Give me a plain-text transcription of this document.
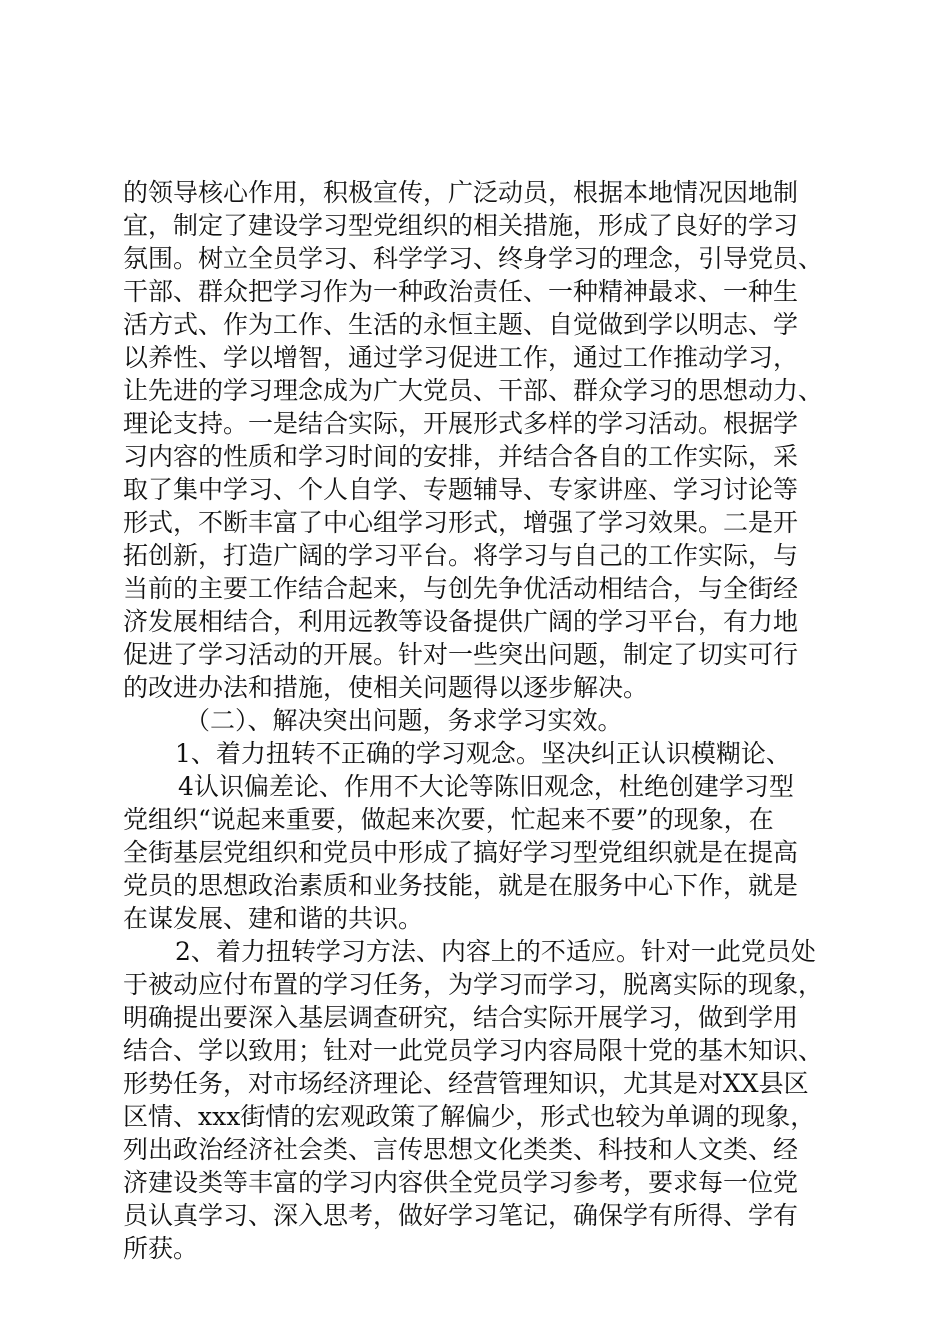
的领导核心作用，积极宣传，广泛动员，根据本地情况因地制
宜，制定了建设学习型党组织的相关措施，形成了良好的学习
氛围。树立全员学习、科学学习、终身学习的理念，引导党员、
干部、群众把学习作为一种政治责任、一种精神最求、一种生
活方式、作为工作、生活的永恒主题、自觉做到学以明志、学
以养性、学以增智，通过学习促进工作，通过工作推动学习，
让先进的学习理念成为广大党员、干部、群众学习的思想动力、
理论支持。一是结合实际，开展形式多样的学习活动。根据学
习内容的性质和学习时间的安排，并结合各自的工作实际，采
取了集中学习、个人自学、专题辅导、专家讲座、学习讨论等
形式，不断丰富了中心组学习形式，增强了学习效果。二是开
拓创新，打造广阔的学习平台。将学习与自己的工作实际，与
当前的主要工作结合起来，与创先争优活动相结合，与全街经
济发展相结合，利用远教等设备提供广阔的学习平台，有力地
促进了学习活动的开展。针对一些突出问题，制定了切实可行
的改进办法和措施，使相关问题得以逐步解决。
（二）、解决突出问题，务求学习实效。
1、着力扭转不正确的学习观念。坚决纠正认识模糊论、
4认识偏差论、作用不大论等陈旧观念，杜绝创建学习型
党组织“说起来重要，做起来次要，忙起来不要”的现象，在
全街基层党组织和党员中形成了搞好学习型党组织就是在提高
党员的思想政治素质和业务技能，就是在服务中心下作，就是
在谋发展、建和谐的共识。
2、着力扭转学习方法、内容上的不适应。针对一此党员处
于被动应付布置的学习任务，为学习而学习，脱离实际的现象，
明确提出要深入基层调查研究，结合实际开展学习，做到学用
结合、学以致用；钍对一此党员学习内容局限十党的基木知识、
形势任务，对市场经济理论、经营管理知识，尤其是对XX县区
区情、xxx街情的宏观政策了解偏少，形式也较为单调的现象，
列出政治经济社会类、言传思想文化类类、科技和人文类、经
济建设类等丰富的学习内容供全党员学习参考，要求每一位党
员认真学习、深入思考，做好学习笔记，确保学有所得、学有
所获。
